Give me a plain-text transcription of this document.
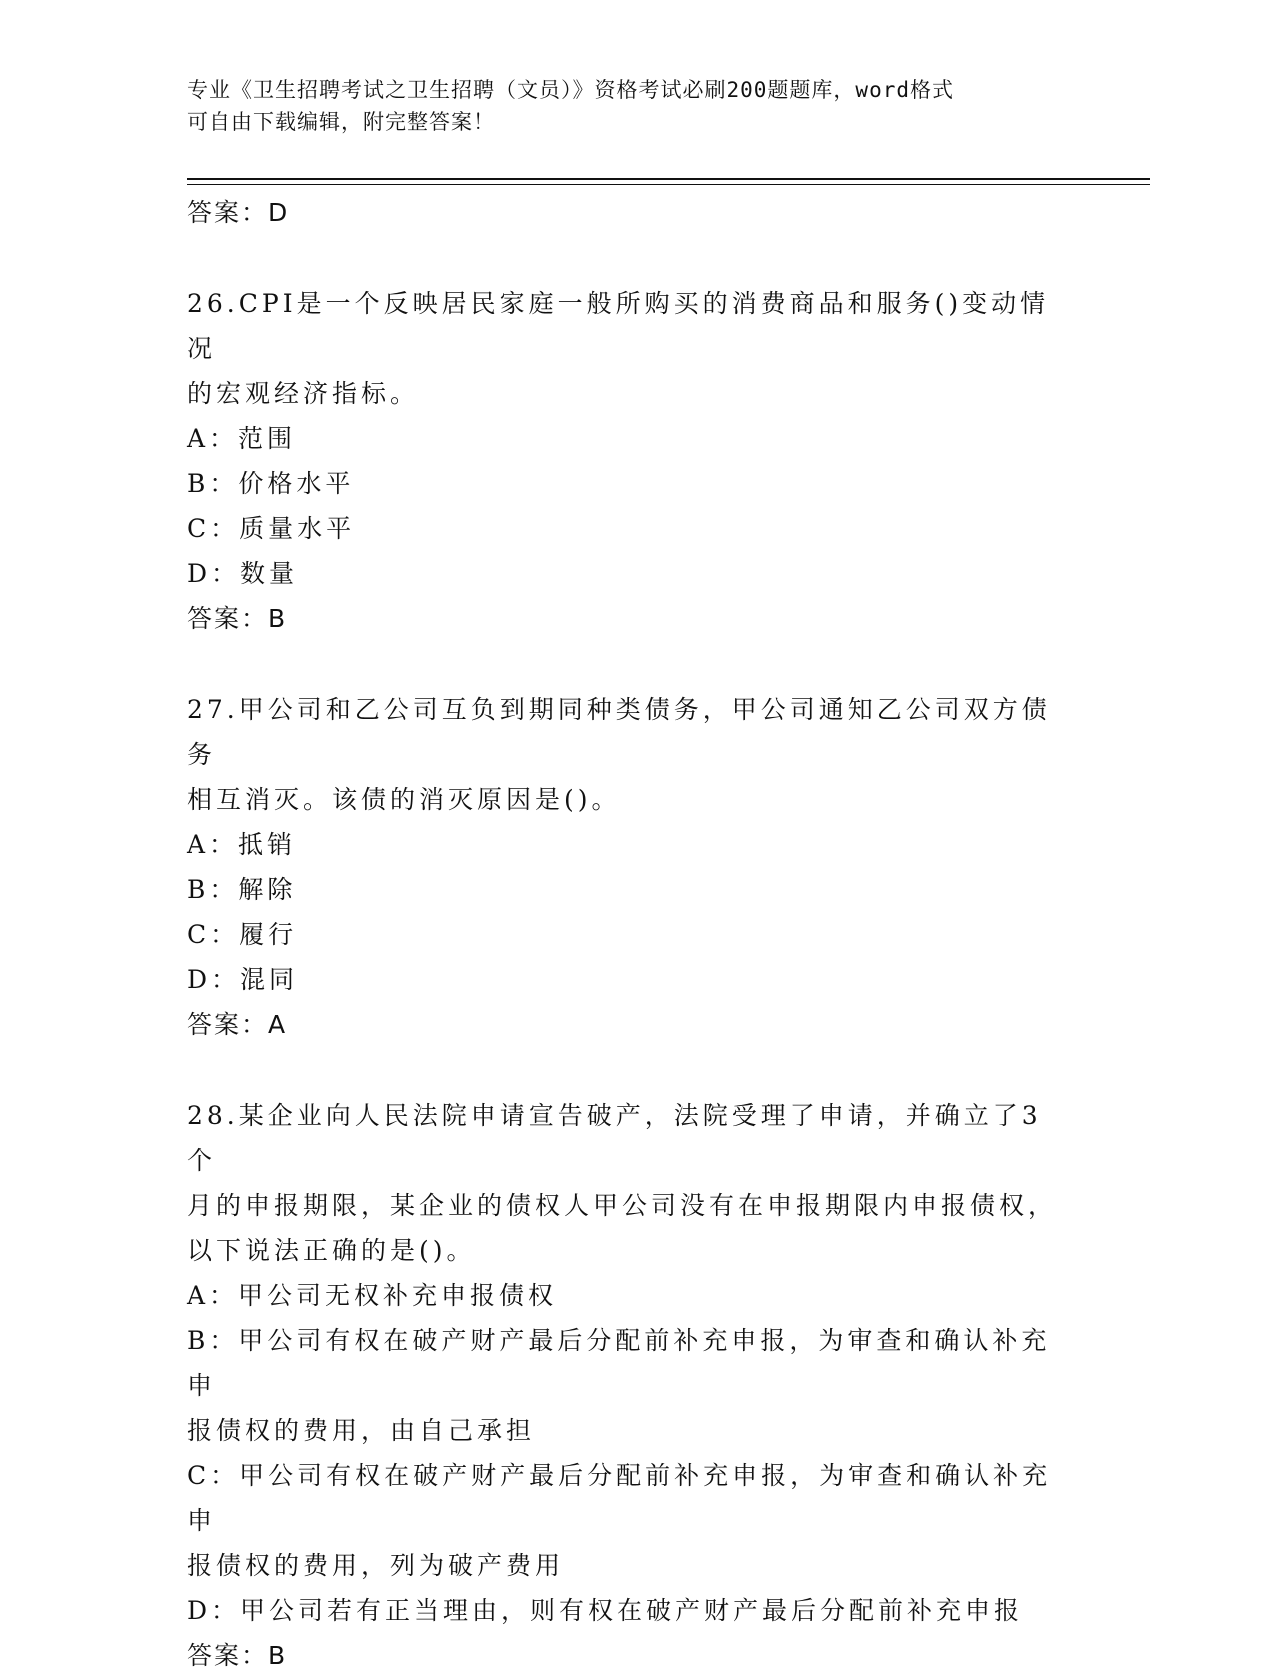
专业《卫生招聘考试之卫生招聘（文员）》资格考试必刷200题题库，word格式
可自由下载编辑，附完整答案！
答案：D
26.CPI是一个反映居民家庭一般所购买的消费商品和服务()变动情况
的宏观经济指标。
A：范围
B：价格水平
C：质量水平
D：数量
答案：B
27.甲公司和乙公司互负到期同种类债务，甲公司通知乙公司双方债务
相互消灭。该债的消灭原因是()。
A：抵销
B：解除
C：履行
D：混同
答案：A
28.某企业向人民法院申请宣告破产，法院受理了申请，并确立了3个
月的申报期限，某企业的债权人甲公司没有在申报期限内申报债权，
以下说法正确的是()。
A：甲公司无权补充申报债权
B：甲公司有权在破产财产最后分配前补充申报，为审查和确认补充申
报债权的费用，由自己承担
C：甲公司有权在破产财产最后分配前补充申报，为审查和确认补充申
报债权的费用，列为破产费用
D：甲公司若有正当理由，则有权在破产财产最后分配前补充申报
答案：B
